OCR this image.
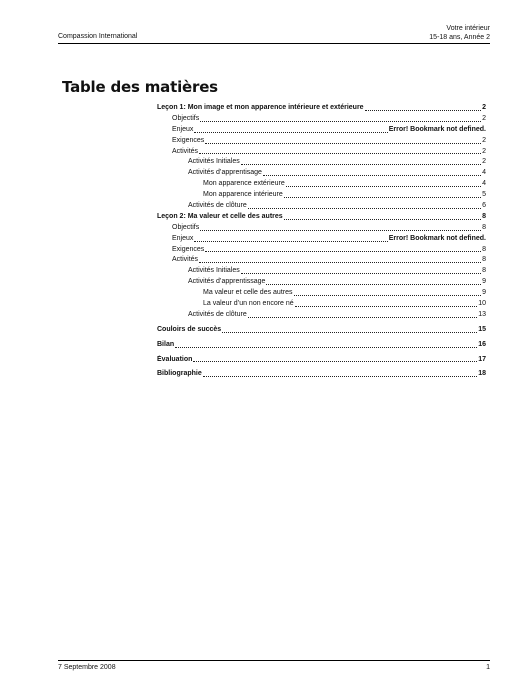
Compassion International
Votre intérieur
15-18 ans, Année 2
Table des matières
Leçon 1: Mon image et mon apparence intérieure et extérieure	2
Objectifs	2
Enjeux	Error! Bookmark not defined.
Exigences	2
Activités	2
Activités Initiales	2
Activités d’apprentisage	4
Mon apparence extérieure	4
Mon apparence intérieure	5
Activités de clôture	6
Leçon 2: Ma valeur et celle des autres	8
Objectifs	8
Enjeux	Error! Bookmark not defined.
Exigences	8
Activités	8
Activités Initiales	8
Activités d’apprentissage	9
Ma valeur et celle des autres	9
La valeur d’un non encore né	10
Activités de clôture	13
Couloirs de succès	15
Bilan	16
Évaluation	17
Bibliographie	18
7 Septembre 2008	1
